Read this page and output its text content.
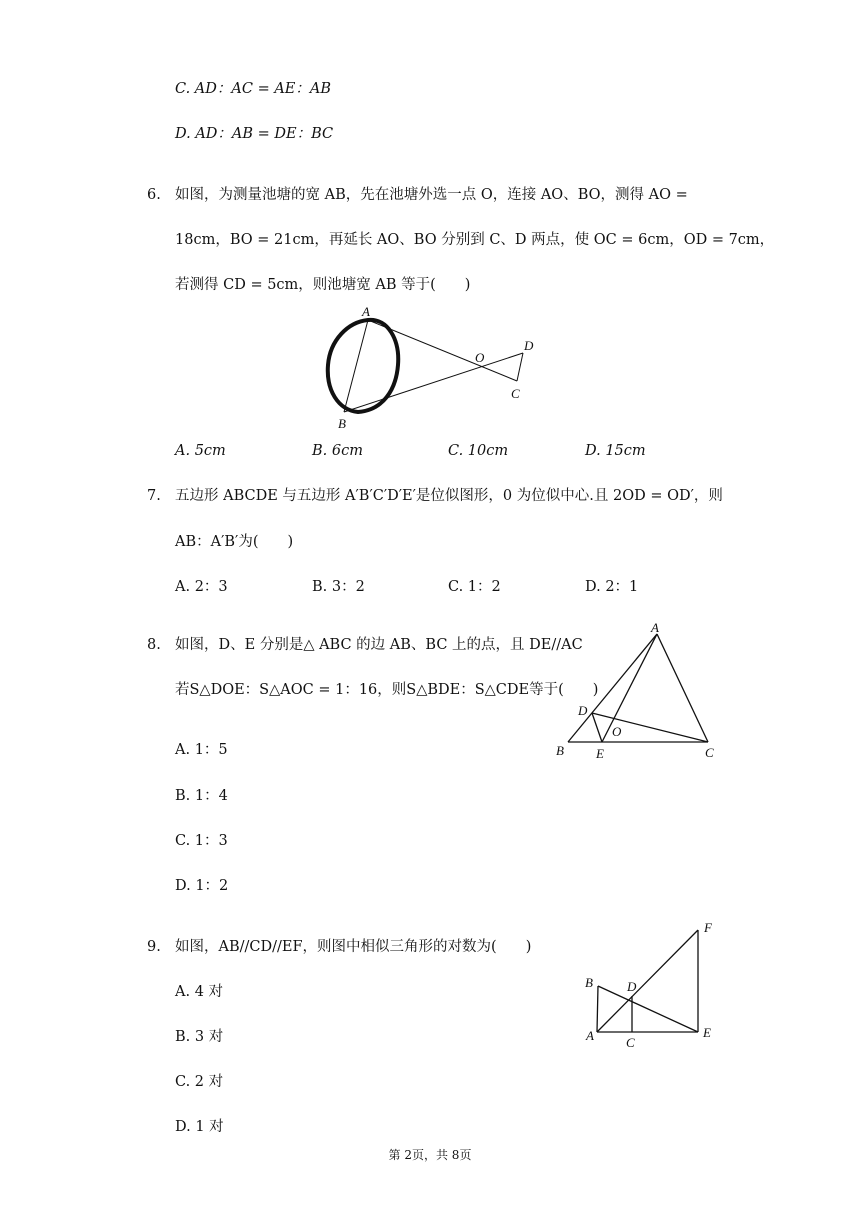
C. AD：AC = AE：AB
D. AD：AB = DE：BC
6. 如图，为测量池塘的宽 AB，先在池塘外选一点 O，连接 AO、BO，测得 AO =
18cm，BO = 21cm，再延长 AO、BO 分别到 C、D 两点，使 OC = 6cm，OD = 7cm，
若测得 CD = 5cm，则池塘宽 AB 等于(　　)
A
B
O
D
C
A. 5cm	B. 6cm	C. 10cm	D. 15cm
7. 五边形 ABCDE 与五边形 A′B′C′D′E′是位似图形，0 为位似中心.且 2OD = OD′，则
AB：A′B′为(　　)
A. 2：3	B. 3：2	C. 1：2	D. 2：1
8. 如图，D、E 分别是△ ABC 的边 AB、BC 上的点，且 DE//AC
若S△DOE：S△AOC = 1：16，则S△BDE：S△CDE等于(　　)
A
B	C
D
E
O
A. 1：5
B. 1：4
C. 1：3
D. 1：2
9. 如图，AB//CD//EF，则图中相似三角形的对数为(　　)
A
B
C
D
E
F
A. 4 对
B. 3 对
C. 2 对
D. 1 对
第 2页，共 8页
